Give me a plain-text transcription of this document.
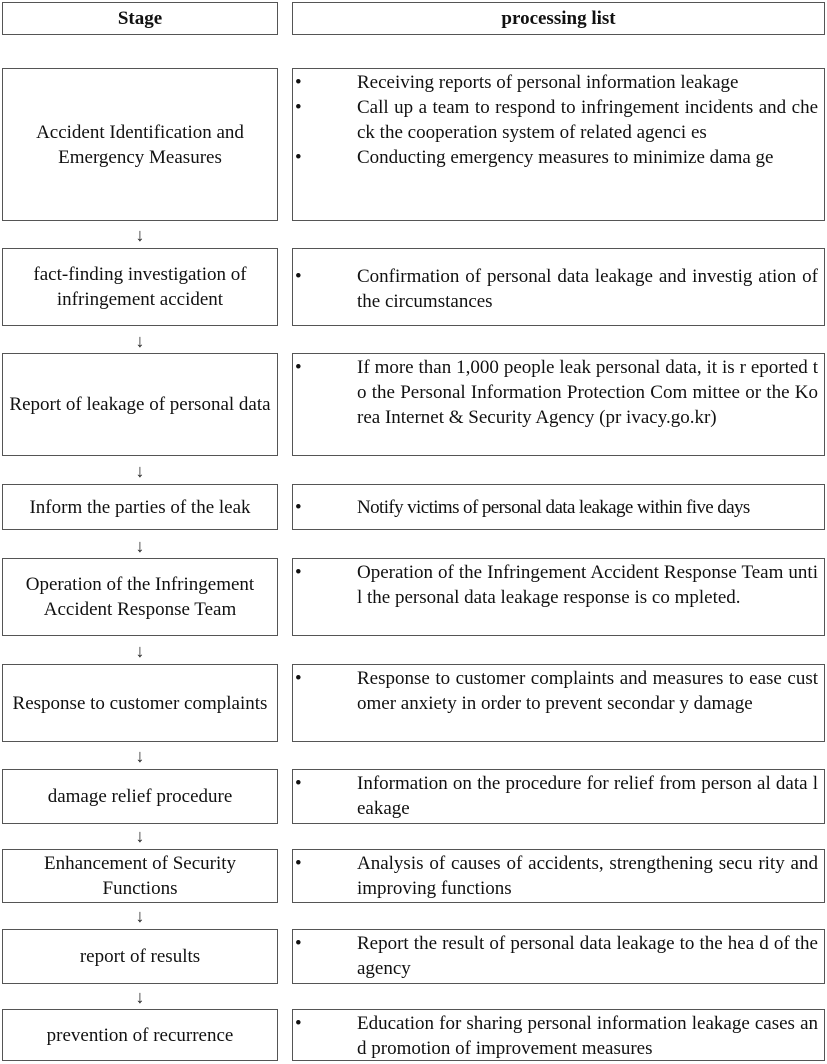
Stage	processing list
Accident Identification and Emergency Measures
•	Receiving reports of personal information leakage
•	Call up a team to respond to infringement incidents and check the cooperation system of related agenci es
•	Conducting emergency measures to minimize dama ge
↓
fact-finding investigation of infringement accident
•	Confirmation of personal data leakage and investig ation of the circumstances
↓
Report of leakage of personal data
•	If more than 1,000 people leak personal data, it is r eported to the Personal Information Protection Com mittee or the Korea Internet & Security Agency (pr ivacy.go.kr)
↓
Inform the parties of the leak •	Notify victims of personal data leakage within five days
↓
Operation of the Infringement Accident Response Team
•	Operation of the Infringement Accident Response Team until the personal data leakage response is co mpleted.
↓
Response to customer complaints
•	Response to customer complaints and measures to ease customer anxiety in order to prevent secondar y damage
↓
damage relief procedure
•	Information on the procedure for relief from person al data leakage
↓
Enhancement of Security Functions
•	Analysis of causes of accidents, strengthening secu rity and improving functions
↓
report of results
•	Report the result of personal data leakage to the hea d of the agency
↓
prevention of recurrence
•	Education for sharing personal information leakage cases and promotion of improvement measures
